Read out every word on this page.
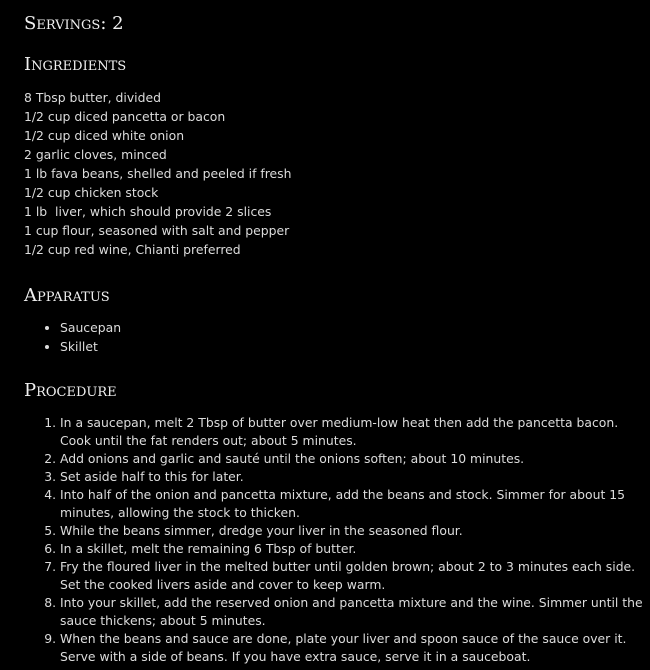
Servings: 2
Ingredients
8 Tbsp butter, divided
1/2 cup diced pancetta or bacon
1/2 cup diced white onion
2 garlic cloves, minced
1 lb fava beans, shelled and peeled if fresh
1/2 cup chicken stock
1 lb  liver, which should provide 2 slices
1 cup flour, seasoned with salt and pepper
1/2 cup red wine, Chianti preferred
Apparatus
• Saucepan
• Skillet
Procedure
1. In a saucepan, melt 2 Tbsp of butter over medium-low heat then add the pancetta bacon. Cook until the fat renders out; about 5 minutes.
2. Add onions and garlic and sauté until the onions soften; about 10 minutes.
3. Set aside half to this for later.
4. Into half of the onion and pancetta mixture, add the beans and stock. Simmer for about 15 minutes, allowing the stock to thicken.
5. While the beans simmer, dredge your liver in the seasoned flour.
6. In a skillet, melt the remaining 6 Tbsp of butter.
7. Fry the floured liver in the melted butter until golden brown; about 2 to 3 minutes each side. Set the cooked livers aside and cover to keep warm.
8. Into your skillet, add the reserved onion and pancetta mixture and the wine. Simmer until the sauce thickens; about 5 minutes.
9. When the beans and sauce are done, plate your liver and spoon sauce of the sauce over it. Serve with a side of beans. If you have extra sauce, serve it in a sauceboat.
